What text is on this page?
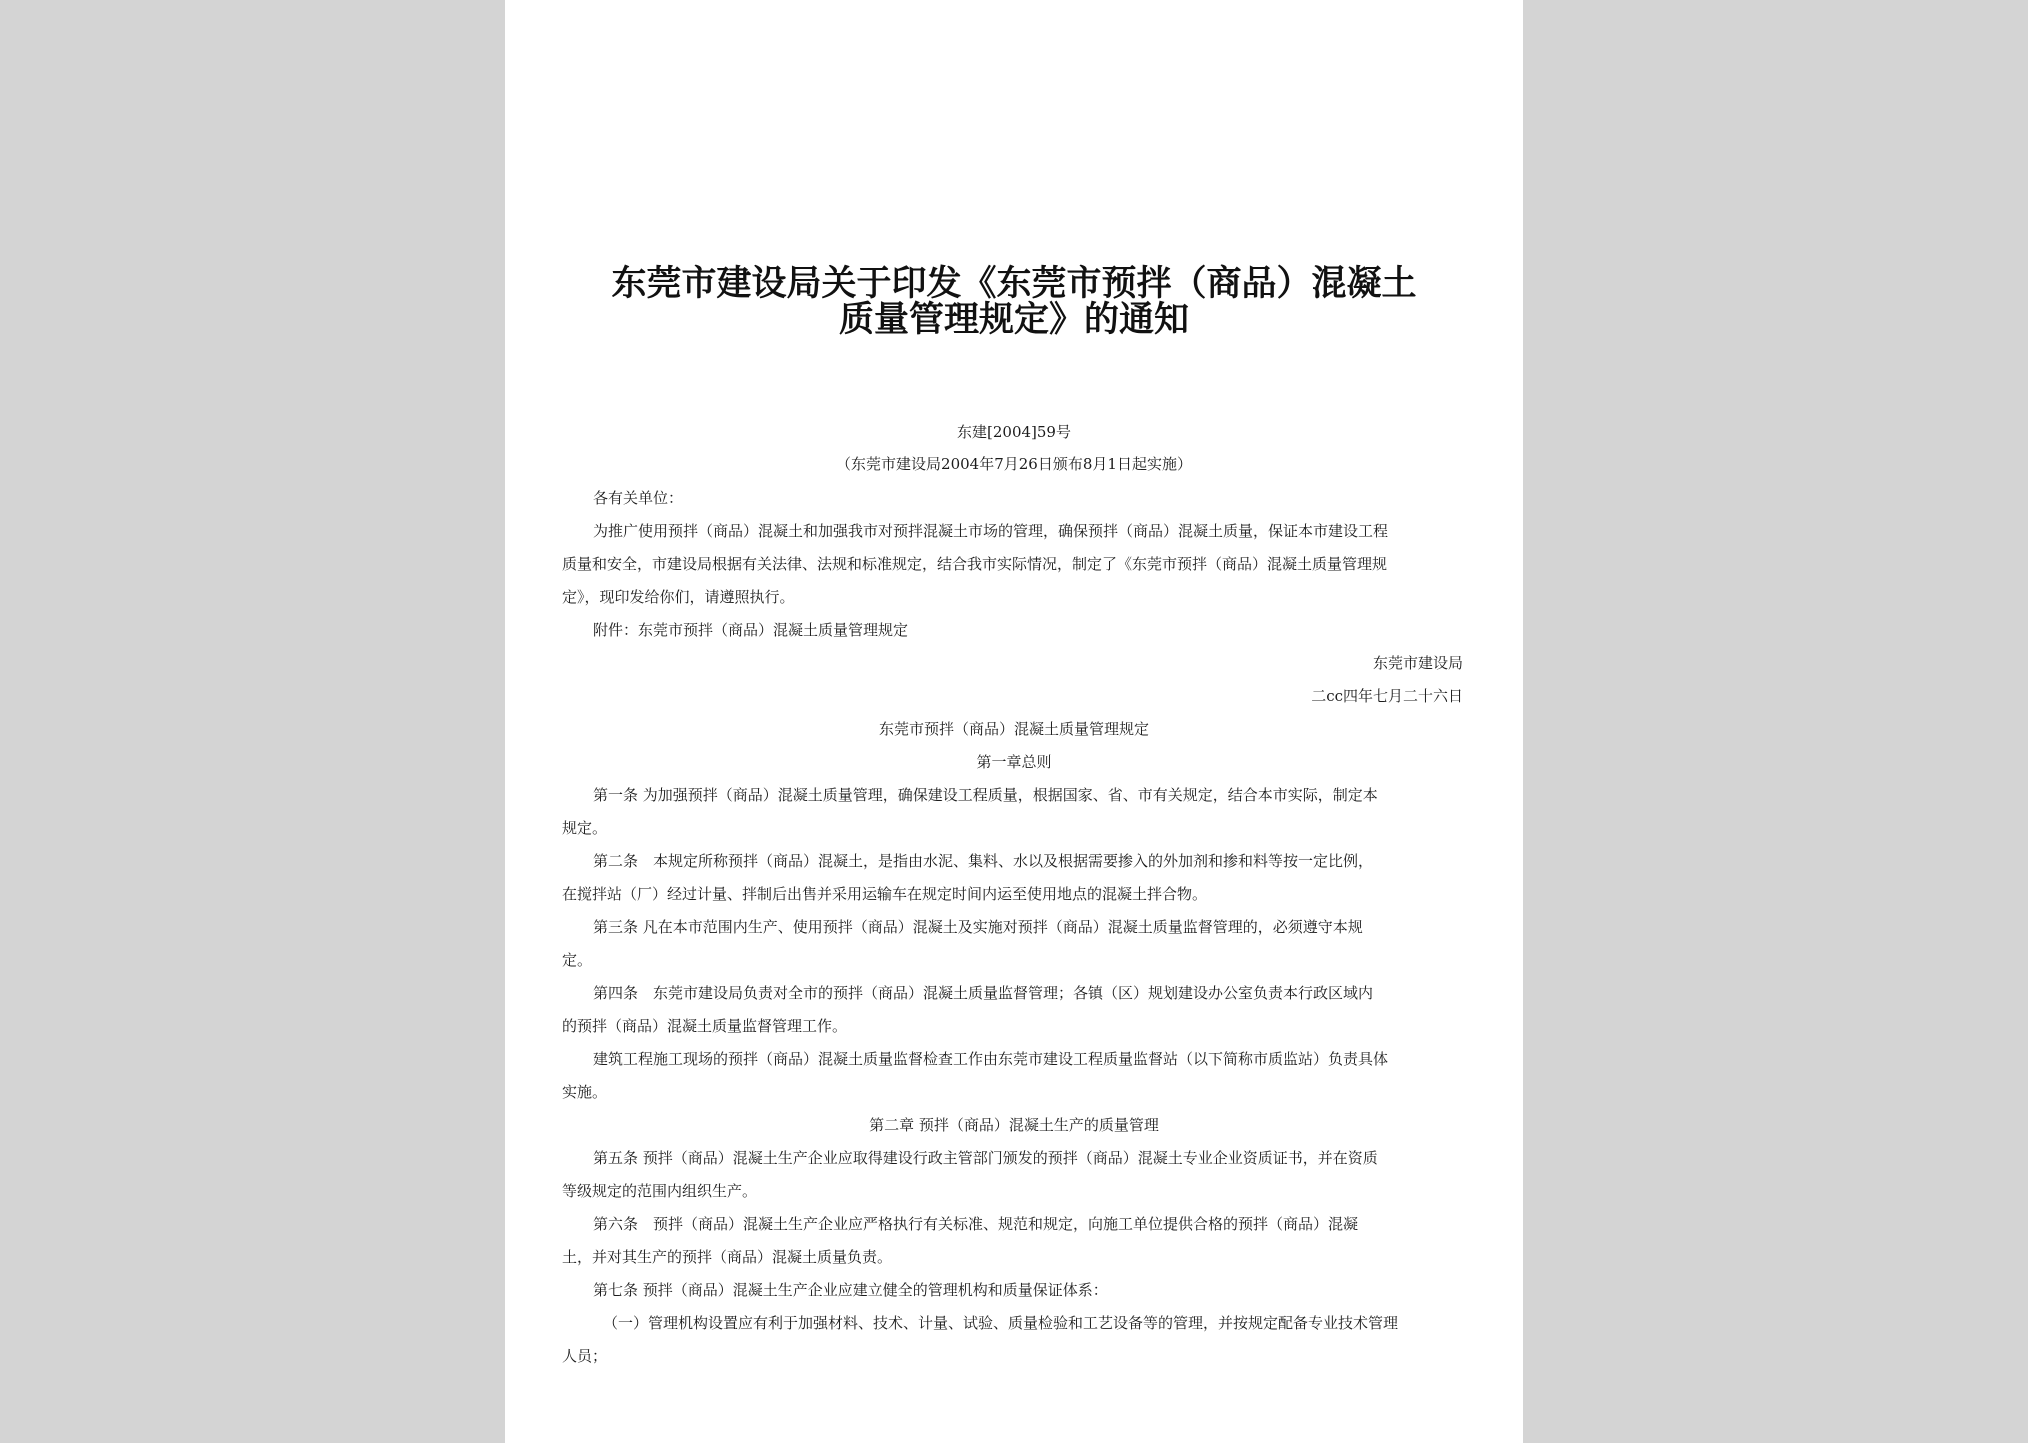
东莞市建设局关于印发《东莞市预拌（商品）混凝土
质量管理规定》的通知
东建[2004]59号
（东莞市建设局2004年7月26日颁布8月1日起实施）
各有关单位：
为推广使用预拌（商品）混凝土和加强我市对预拌混凝土市场的管理，确保预拌（商品）混凝土质量，保证本市建设工程
质量和安全，市建设局根据有关法律、法规和标准规定，结合我市实际情况，制定了《东莞市预拌（商品）混凝土质量管理规
定》，现印发给你们，请遵照执行。
附件：东莞市预拌（商品）混凝土质量管理规定
东莞市建设局
二cc四年七月二十六日
东莞市预拌（商品）混凝土质量管理规定
第一章总则
第一条 为加强预拌（商品）混凝土质量管理，确保建设工程质量，根据国家、省、市有关规定，结合本市实际，制定本
规定。
第二条　本规定所称预拌（商品）混凝土，是指由水泥、集料、水以及根据需要掺入的外加剂和掺和料等按一定比例，
在搅拌站（厂）经过计量、拌制后出售并采用运输车在规定时间内运至使用地点的混凝土拌合物。
第三条 凡在本市范围内生产、使用预拌（商品）混凝土及实施对预拌（商品）混凝土质量监督管理的，必须遵守本规
定。
第四条　东莞市建设局负责对全市的预拌（商品）混凝土质量监督管理；各镇（区）规划建设办公室负责本行政区域内
的预拌（商品）混凝土质量监督管理工作。
建筑工程施工现场的预拌（商品）混凝土质量监督检查工作由东莞市建设工程质量监督站（以下简称市质监站）负责具体
实施。
第二章 预拌（商品）混凝土生产的质量管理
第五条 预拌（商品）混凝土生产企业应取得建设行政主管部门颁发的预拌（商品）混凝土专业企业资质证书，并在资质
等级规定的范围内组织生产。
第六条　预拌（商品）混凝土生产企业应严格执行有关标准、规范和规定，向施工单位提供合格的预拌（商品）混凝
土，并对其生产的预拌（商品）混凝土质量负责。
第七条 预拌（商品）混凝土生产企业应建立健全的管理机构和质量保证体系：
（一）管理机构设置应有利于加强材料、技术、计量、试验、质量检验和工艺设备等的管理，并按规定配备专业技术管理
人员；
